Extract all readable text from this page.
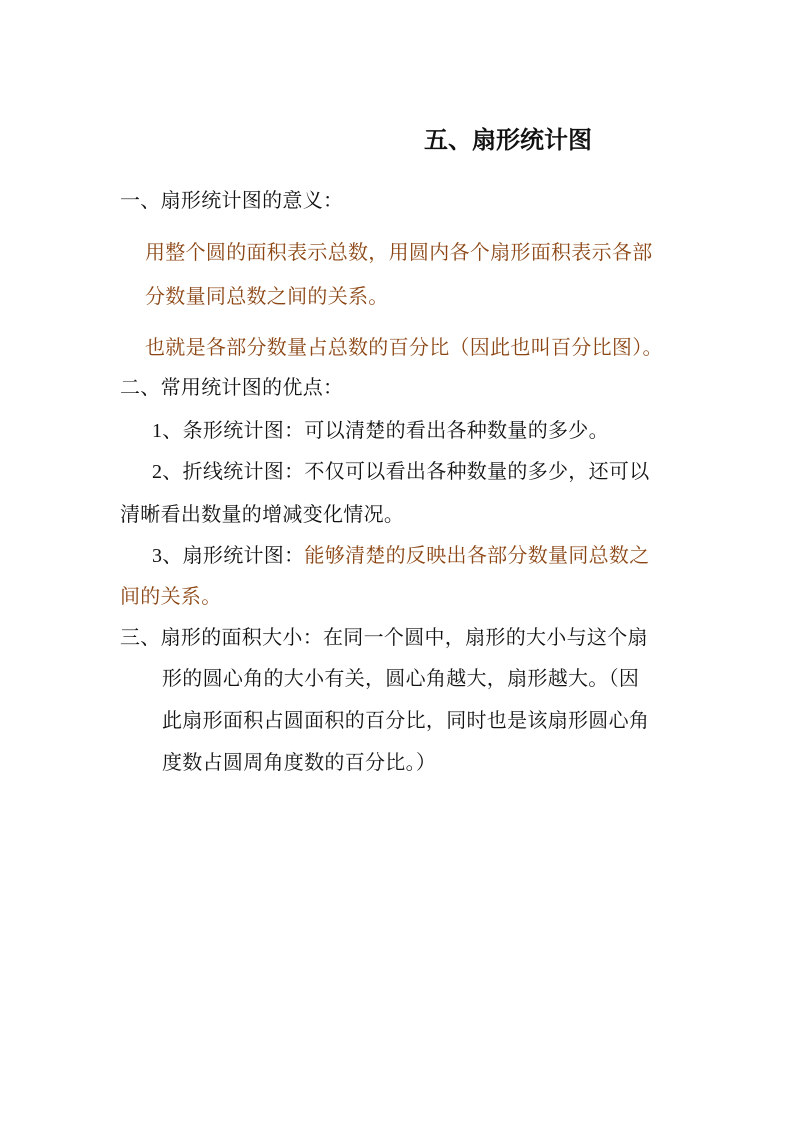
五、扇形统计图
一、扇形统计图的意义：
用整个圆的面积表示总数，用圆内各个扇形面积表示各部
分数量同总数之间的关系。
也就是各部分数量占总数的百分比（因此也叫百分比图）。
二、常用统计图的优点：
1、条形统计图：可以清楚的看出各种数量的多少。
2、折线统计图：不仅可以看出各种数量的多少，还可以
清晰看出数量的增减变化情况。
3、扇形统计图：能够清楚的反映出各部分数量同总数之
间的关系。
三、扇形的面积大小：在同一个圆中，扇形的大小与这个扇
形的圆心角的大小有关，圆心角越大，扇形越大。（因
此扇形面积占圆面积的百分比，同时也是该扇形圆心角
度数占圆周角度数的百分比。）
